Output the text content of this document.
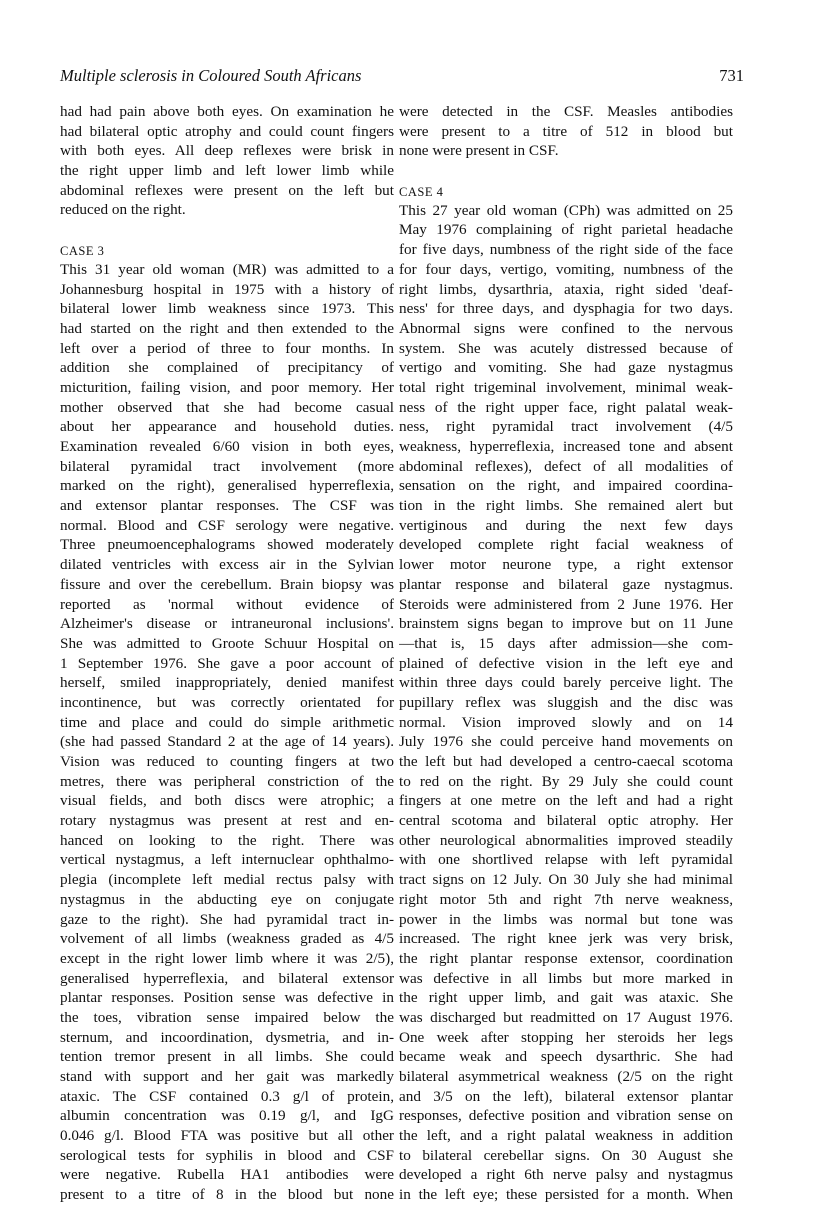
Multiple sclerosis in Coloured South Africans	731
had had pain above both eyes. On examination he
had bilateral optic atrophy and could count fingers
with both eyes. All deep reflexes were brisk in
the right upper limb and left lower limb while
abdominal reflexes were present on the left but
reduced on the right.
CASE 3
This 31 year old woman (MR) was admitted to a
Johannesburg hospital in 1975 with a history of
bilateral lower limb weakness since 1973. This
had started on the right and then extended to the
left over a period of three to four months. In
addition she complained of precipitancy of
micturition, failing vision, and poor memory. Her
mother observed that she had become casual
about her appearance and household duties.
Examination revealed 6/60 vision in both eyes,
bilateral pyramidal tract involvement (more
marked on the right), generalised hyperreflexia,
and extensor plantar responses. The CSF was
normal. Blood and CSF serology were negative.
Three pneumoencephalograms showed moderately
dilated ventricles with excess air in the Sylvian
fissure and over the cerebellum. Brain biopsy was
reported as 'normal without evidence of
Alzheimer's disease or intraneuronal inclusions'.
She was admitted to Groote Schuur Hospital on
1 September 1976. She gave a poor account of
herself, smiled inappropriately, denied manifest
incontinence, but was correctly orientated for
time and place and could do simple arithmetic
(she had passed Standard 2 at the age of 14 years).
Vision was reduced to counting fingers at two
metres, there was peripheral constriction of the
visual fields, and both discs were atrophic; a
rotary nystagmus was present at rest and en-
hanced on looking to the right. There was
vertical nystagmus, a left internuclear ophthalmo-
plegia (incomplete left medial rectus palsy with
nystagmus in the abducting eye on conjugate
gaze to the right). She had pyramidal tract in-
volvement of all limbs (weakness graded as 4/5
except in the right lower limb where it was 2/5),
generalised hyperreflexia, and bilateral extensor
plantar responses. Position sense was defective in
the toes, vibration sense impaired below the
sternum, and incoordination, dysmetria, and in-
tention tremor present in all limbs. She could
stand with support and her gait was markedly
ataxic. The CSF contained 0.3 g/l of protein,
albumin concentration was 0.19 g/l, and IgG
0.046 g/l. Blood FTA was positive but all other
serological tests for syphilis in blood and CSF
were negative. Rubella HA1 antibodies were
present to a titre of 8 in the blood but none
were detected in the CSF. Measles antibodies
were present to a titre of 512 in blood but
none were present in CSF.
CASE 4
This 27 year old woman (CPh) was admitted on 25
May 1976 complaining of right parietal headache
for five days, numbness of the right side of the face
for four days, vertigo, vomiting, numbness of the
right limbs, dysarthria, ataxia, right sided 'deaf-
ness' for three days, and dysphagia for two days.
Abnormal signs were confined to the nervous
system. She was acutely distressed because of
vertigo and vomiting. She had gaze nystagmus
total right trigeminal involvement, minimal weak-
ness of the right upper face, right palatal weak-
ness, right pyramidal tract involvement (4/5
weakness, hyperreflexia, increased tone and absent
abdominal reflexes), defect of all modalities of
sensation on the right, and impaired coordina-
tion in the right limbs. She remained alert but
vertiginous and during the next few days
developed complete right facial weakness of
lower motor neurone type, a right extensor
plantar response and bilateral gaze nystagmus.
Steroids were administered from 2 June 1976. Her
brainstem signs began to improve but on 11 June
—that is, 15 days after admission—she com-
plained of defective vision in the left eye and
within three days could barely perceive light. The
pupillary reflex was sluggish and the disc was
normal. Vision improved slowly and on 14
July 1976 she could perceive hand movements on
the left but had developed a centro-caecal scotoma
to red on the right. By 29 July she could count
fingers at one metre on the left and had a right
central scotoma and bilateral optic atrophy. Her
other neurological abnormalities improved steadily
with one shortlived relapse with left pyramidal
tract signs on 12 July. On 30 July she had minimal
right motor 5th and right 7th nerve weakness,
power in the limbs was normal but tone was
increased. The right knee jerk was very brisk,
the right plantar response extensor, coordination
was defective in all limbs but more marked in
the right upper limb, and gait was ataxic. She
was discharged but readmitted on 17 August 1976.
One week after stopping her steroids her legs
became weak and speech dysarthric. She had
bilateral asymmetrical weakness (2/5 on the right
and 3/5 on the left), bilateral extensor plantar
responses, defective position and vibration sense on
the left, and a right palatal weakness in addition
to bilateral cerebellar signs. On 30 August she
developed a right 6th nerve palsy and nystagmus
in the left eye; these persisted for a month. When
